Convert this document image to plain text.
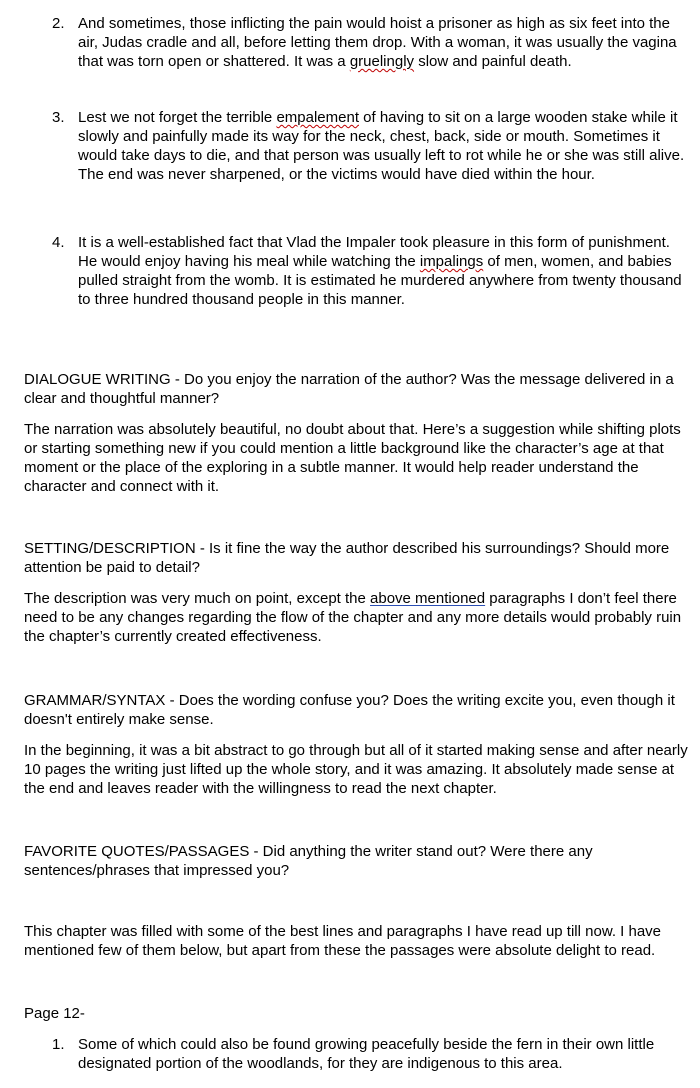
2. And sometimes, those inflicting the pain would hoist a prisoner as high as six feet into the air, Judas cradle and all, before letting them drop. With a woman, it was usually the vagina that was torn open or shattered. It was a gruelingly slow and painful death.
3. Lest we not forget the terrible empalement of having to sit on a large wooden stake while it slowly and painfully made its way for the neck, chest, back, side or mouth. Sometimes it would take days to die, and that person was usually left to rot while he or she was still alive. The end was never sharpened, or the victims would have died within the hour.
4. It is a well-established fact that Vlad the Impaler took pleasure in this form of punishment. He would enjoy having his meal while watching the impalings of men, women, and babies pulled straight from the womb. It is estimated he murdered anywhere from twenty thousand to three hundred thousand people in this manner.
DIALOGUE WRITING - Do you enjoy the narration of the author? Was the message delivered in a clear and thoughtful manner?
The narration was absolutely beautiful, no doubt about that. Here’s a suggestion while shifting plots or starting something new if you could mention a little background like the character’s age at that moment or the place of the exploring in a subtle manner. It would help reader understand the character and connect with it.
SETTING/DESCRIPTION - Is it fine the way the author described his surroundings? Should more attention be paid to detail?
The description was very much on point, except the above mentioned paragraphs I don’t feel there need to be any changes regarding the flow of the chapter and any more details would probably ruin the chapter’s currently created effectiveness.
GRAMMAR/SYNTAX - Does the wording confuse you? Does the writing excite you, even though it doesn't entirely make sense.
In the beginning, it was a bit abstract to go through but all of it started making sense and after nearly 10 pages the writing just lifted up the whole story, and it was amazing. It absolutely made sense at the end and leaves reader with the willingness to read the next chapter.
FAVORITE QUOTES/PASSAGES - Did anything the writer stand out? Were there any sentences/phrases that impressed you?
This chapter was filled with some of the best lines and paragraphs I have read up till now. I have mentioned few of them below, but apart from these the passages were absolute delight to read.
Page 12-
1. Some of which could also be found growing peacefully beside the fern in their own little designated portion of the woodlands, for they are indigenous to this area.
